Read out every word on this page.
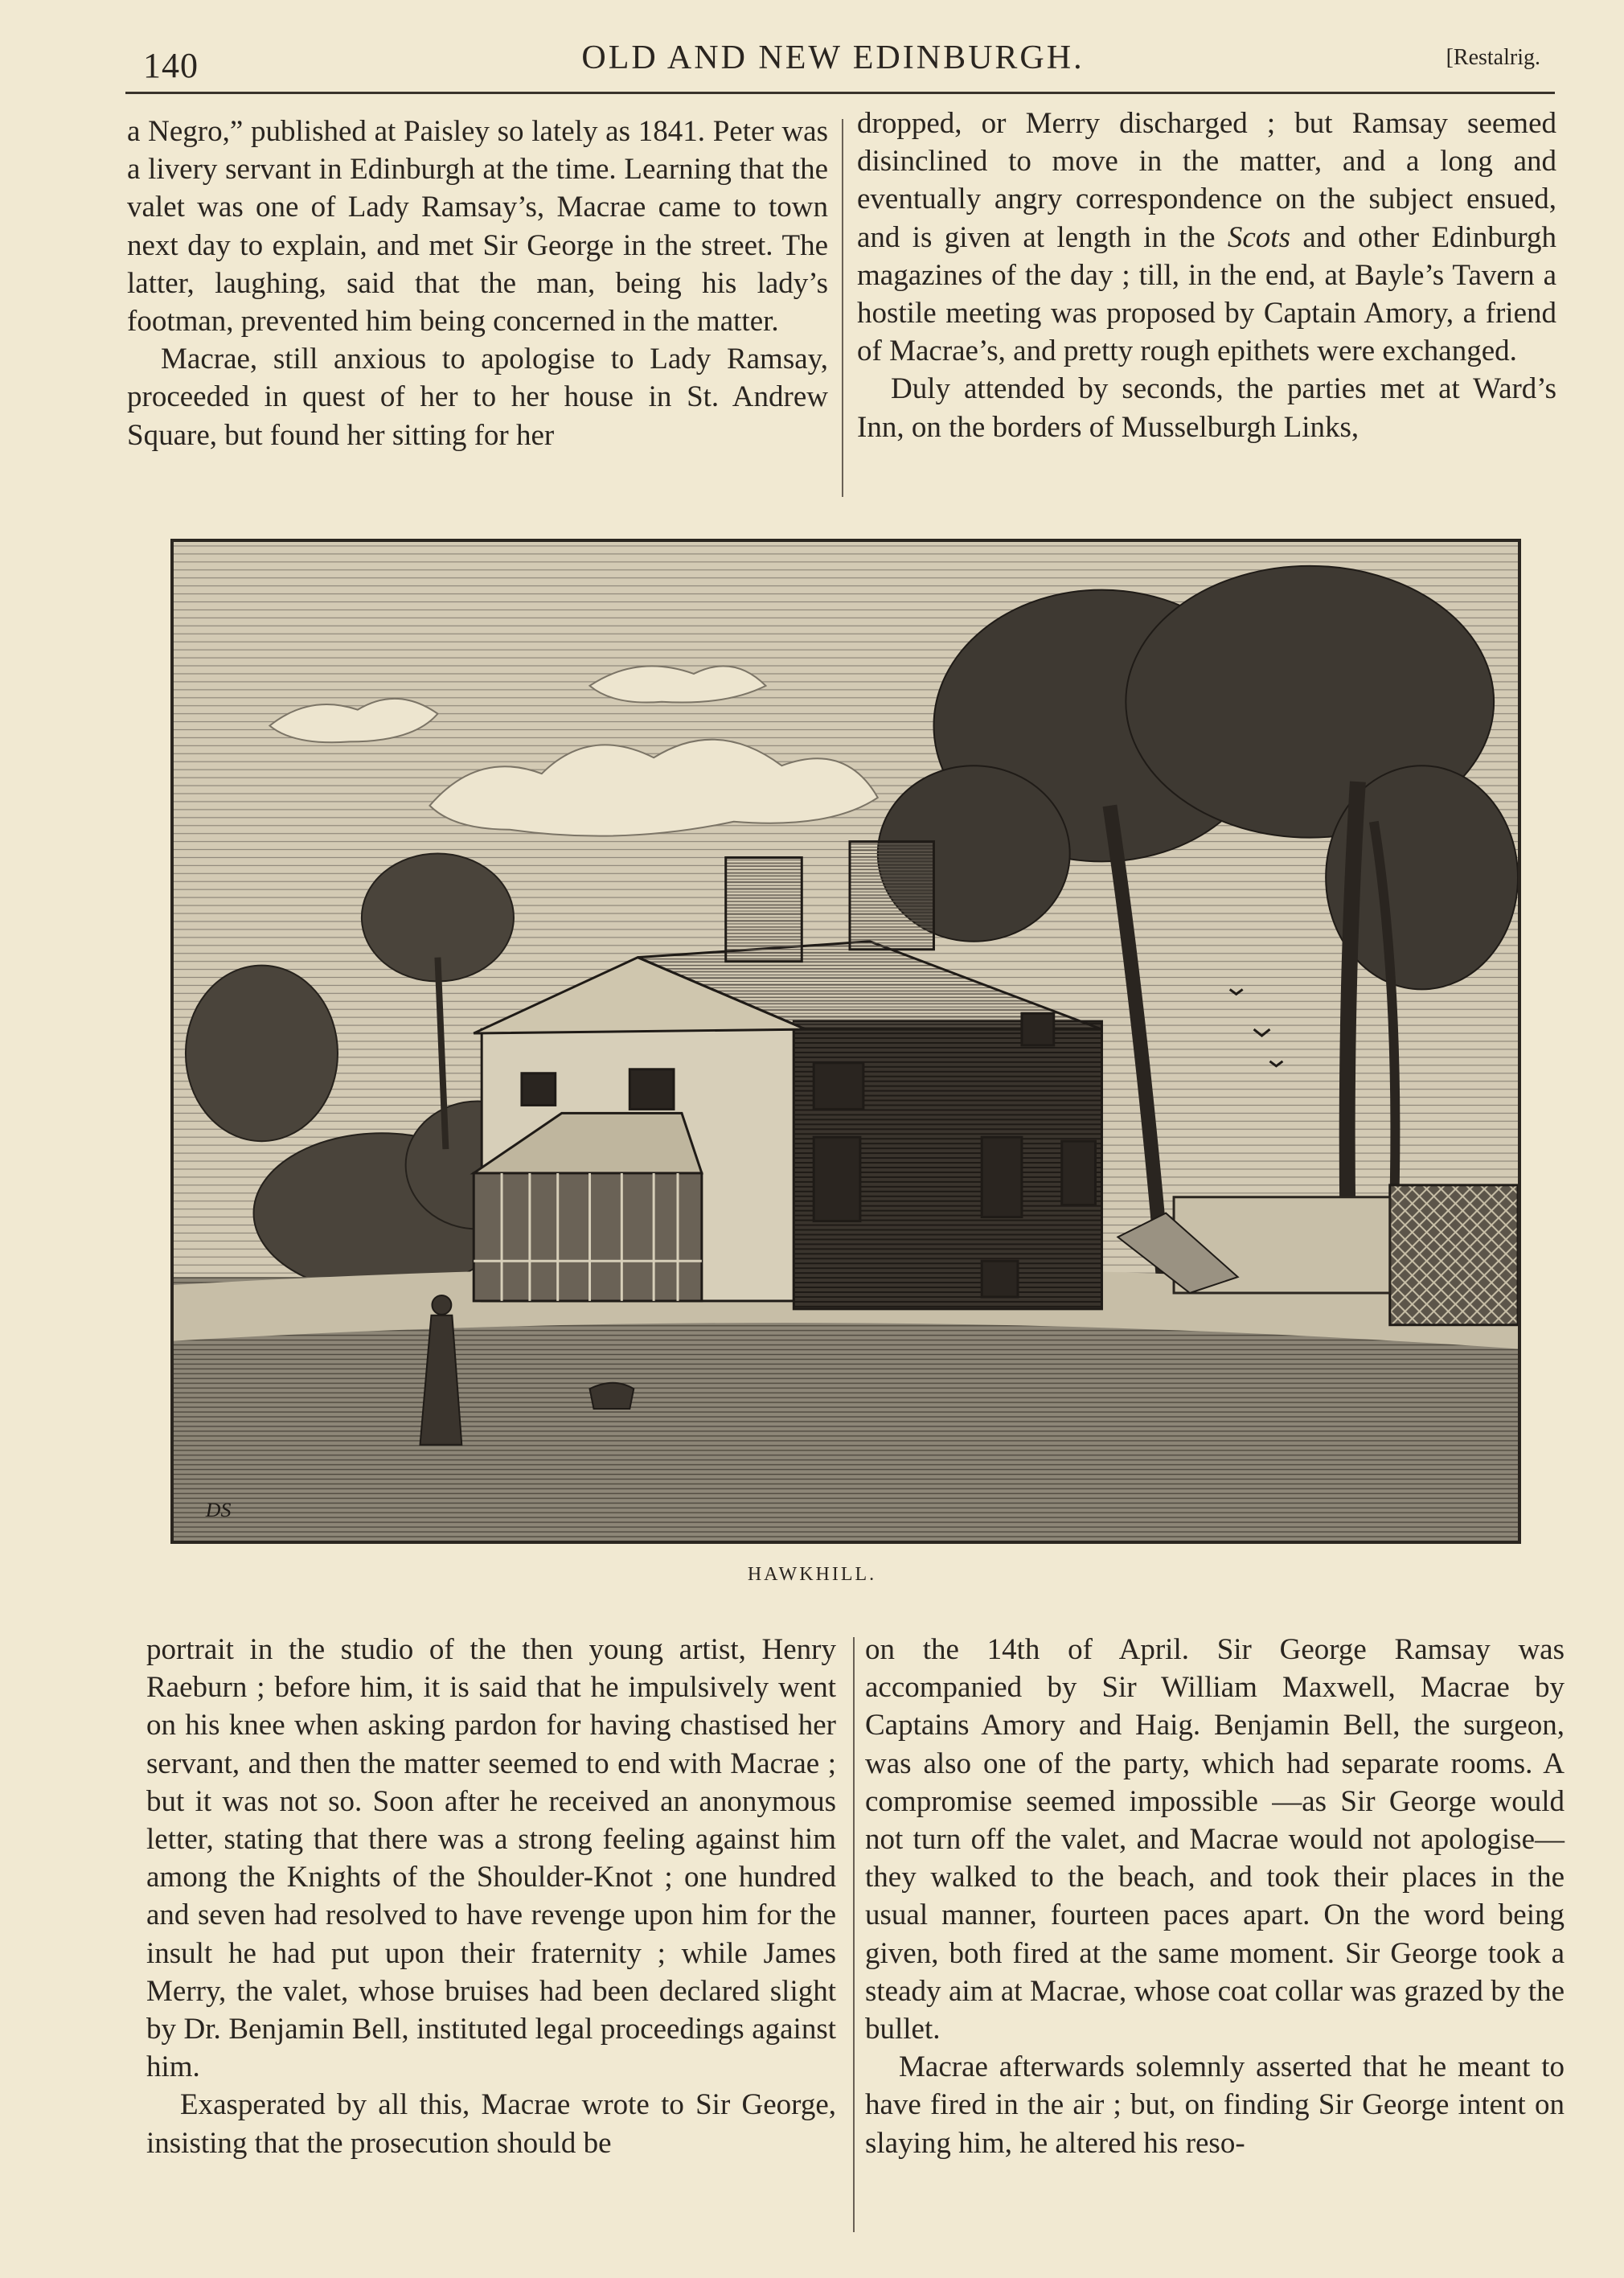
140	OLD AND NEW EDINBURGH.	[Restalrig.

a Negro,” published at Paisley so lately as 1841. Peter was a livery servant in Edinburgh at the time. Learning that the valet was one of Lady Ramsay’s, Macrae came to town next day to explain, and met Sir George in the street. The latter, laughing, said that the man, being his lady’s footman, prevented him being concerned in the matter.

Macrae, still anxious to apologise to Lady Ramsay, proceeded in quest of her to her house in St. Andrew Square, but found her sitting for her

dropped, or Merry discharged ; but Ramsay seemed disinclined to move in the matter, and a long and eventually angry correspondence on the subject ensued, and is given at length in the Scots and other Edinburgh magazines of the day ; till, in the end, at Bayle’s Tavern a hostile meeting was proposed by Captain Amory, a friend of Macrae’s, and pretty rough epithets were exchanged.

Duly attended by seconds, the parties met at Ward’s Inn, on the borders of Musselburgh Links,

DS
HAWKHILL.

portrait in the studio of the then young artist, Henry Raeburn ; before him, it is said that he impulsively went on his knee when asking pardon for having chastised her servant, and then the matter seemed to end with Macrae ; but it was not so. Soon after he received an anonymous letter, stating that there was a strong feeling against him among the Knights of the Shoulder-Knot ; one hundred and seven had resolved to have revenge upon him for the insult he had put upon their fraternity ; while James Merry, the valet, whose bruises had been declared slight by Dr. Benjamin Bell, instituted legal proceedings against him.

Exasperated by all this, Macrae wrote to Sir George, insisting that the prosecution should be

on the 14th of April. Sir George Ramsay was accompanied by Sir William Maxwell, Macrae by Captains Amory and Haig. Benjamin Bell, the surgeon, was also one of the party, which had separate rooms. A compromise seemed impossible —as Sir George would not turn off the valet, and Macrae would not apologise—they walked to the beach, and took their places in the usual manner, fourteen paces apart. On the word being given, both fired at the same moment. Sir George took a steady aim at Macrae, whose coat collar was grazed by the bullet.

Macrae afterwards solemnly asserted that he meant to have fired in the air ; but, on finding Sir George intent on slaying him, he altered his reso-
